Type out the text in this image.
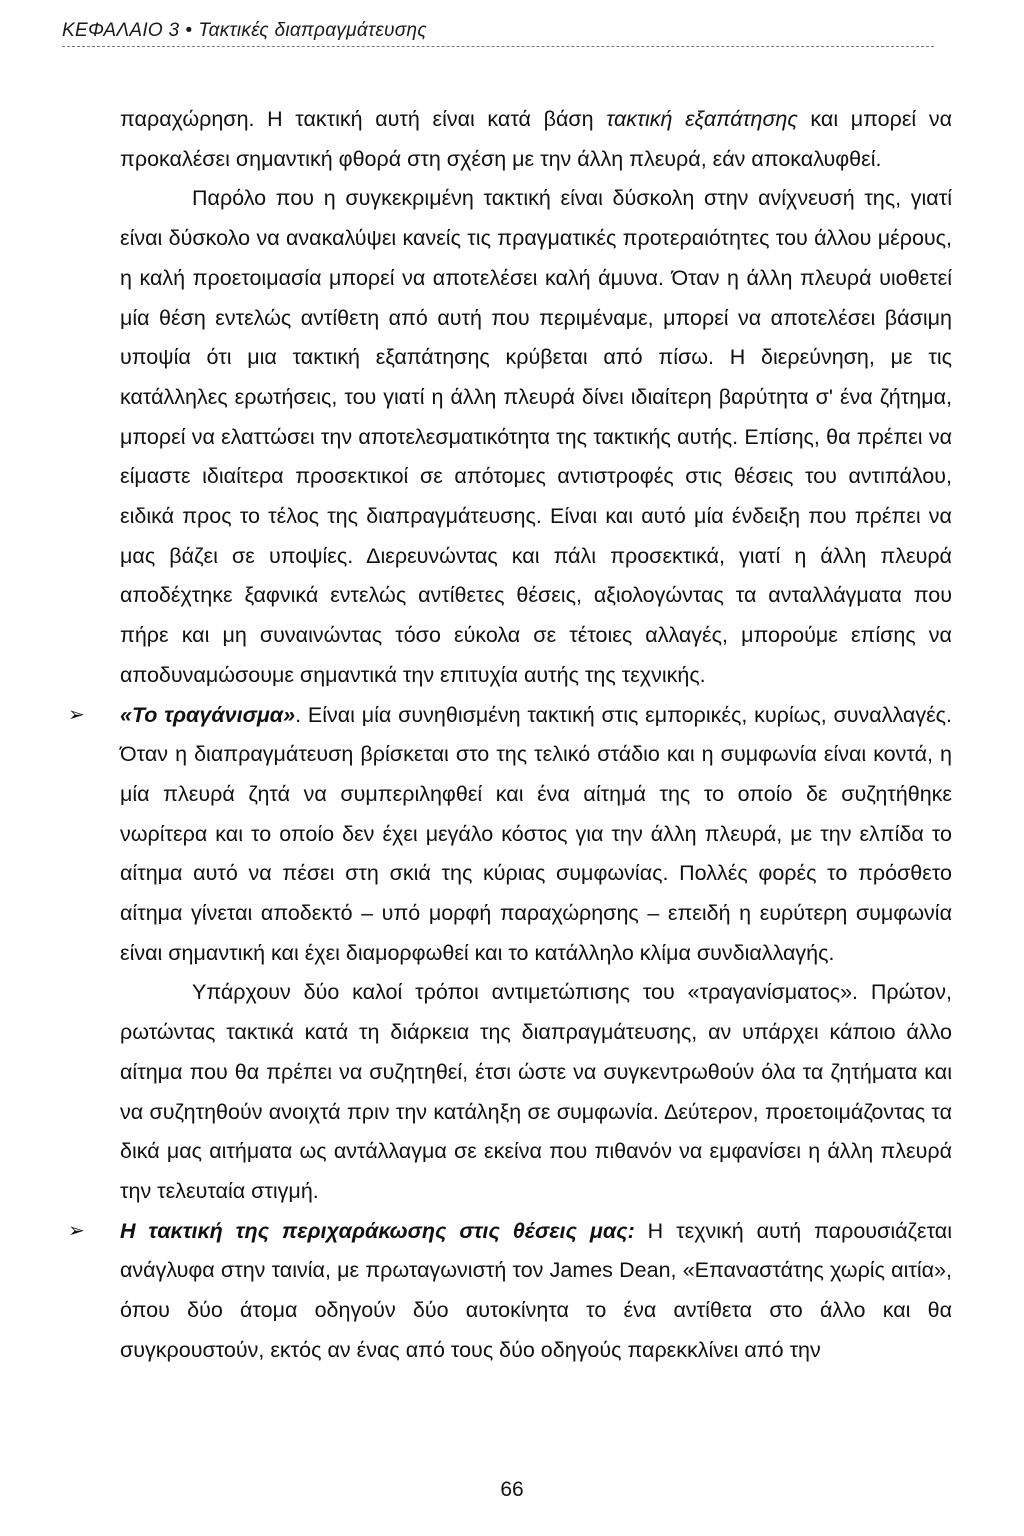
ΚΕΦΑΛΑΙΟ 3 • Τακτικές διαπραγμάτευσης

παραχώρηση. Η τακτική αυτή είναι κατά βάση τακτική εξαπάτησης και μπορεί να προκαλέσει σημαντική φθορά στη σχέση με την άλλη πλευρά, εάν αποκαλυφθεί.

Παρόλο που η συγκεκριμένη τακτική είναι δύσκολη στην ανίχνευσή της, γιατί είναι δύσκολο να ανακαλύψει κανείς τις πραγματικές προτεραιότητες του άλλου μέρους, η καλή προετοιμασία μπορεί να αποτελέσει καλή άμυνα. Όταν η άλλη πλευρά υιοθετεί μία θέση εντελώς αντίθετη από αυτή που περιμέναμε, μπορεί να αποτελέσει βάσιμη υποψία ότι μια τακτική εξαπάτησης κρύβεται από πίσω. Η διερεύνηση, με τις κατάλληλες ερωτήσεις, του γιατί η άλλη πλευρά δίνει ιδιαίτερη βαρύτητα σ' ένα ζήτημα, μπορεί να ελαττώσει την αποτελεσματικότητα της τακτικής αυτής. Επίσης, θα πρέπει να είμαστε ιδιαίτερα προσεκτικοί σε απότομες αντιστροφές στις θέσεις του αντιπάλου, ειδικά προς το τέλος της διαπραγμάτευσης. Είναι και αυτό μία ένδειξη που πρέπει να μας βάζει σε υποψίες. Διερευνώντας και πάλι προσεκτικά, γιατί η άλλη πλευρά αποδέχτηκε ξαφνικά εντελώς αντίθετες θέσεις, αξιολογώντας τα ανταλλάγματα που πήρε και μη συναινώντας τόσο εύκολα σε τέτοιες αλλαγές, μπορούμε επίσης να αποδυναμώσουμε σημαντικά την επιτυχία αυτής της τεχνικής.

➢ «Το τραγάνισμα». Είναι μία συνηθισμένη τακτική στις εμπορικές, κυρίως, συναλλαγές. Όταν η διαπραγμάτευση βρίσκεται στο της τελικό στάδιο και η συμφωνία είναι κοντά, η μία πλευρά ζητά να συμπεριληφθεί και ένα αίτημά της το οποίο δε συζητήθηκε νωρίτερα και το οποίο δεν έχει μεγάλο κόστος για την άλλη πλευρά, με την ελπίδα το αίτημα αυτό να πέσει στη σκιά της κύριας συμφωνίας. Πολλές φορές το πρόσθετο αίτημα γίνεται αποδεκτό – υπό μορφή παραχώρησης – επειδή η ευρύτερη συμφωνία είναι σημαντική και έχει διαμορφωθεί και το κατάλληλο κλίμα συνδιαλλαγής.

Υπάρχουν δύο καλοί τρόποι αντιμετώπισης του «τραγανίσματος». Πρώτον, ρωτώντας τακτικά κατά τη διάρκεια της διαπραγμάτευσης, αν υπάρχει κάποιο άλλο αίτημα που θα πρέπει να συζητηθεί, έτσι ώστε να συγκεντρωθούν όλα τα ζητήματα και να συζητηθούν ανοιχτά πριν την κατάληξη σε συμφωνία. Δεύτερον, προετοιμάζοντας τα δικά μας αιτήματα ως αντάλλαγμα σε εκείνα που πιθανόν να εμφανίσει η άλλη πλευρά την τελευταία στιγμή.

➢ Η τακτική της περιχαράκωσης στις θέσεις μας: Η τεχνική αυτή παρουσιάζεται ανάγλυφα στην ταινία, με πρωταγωνιστή τον James Dean, «Επαναστάτης χωρίς αιτία», όπου δύο άτομα οδηγούν δύο αυτοκίνητα το ένα αντίθετα στο άλλο και θα συγκρουστούν, εκτός αν ένας από τους δύο οδηγούς παρεκκλίνει από την

66
